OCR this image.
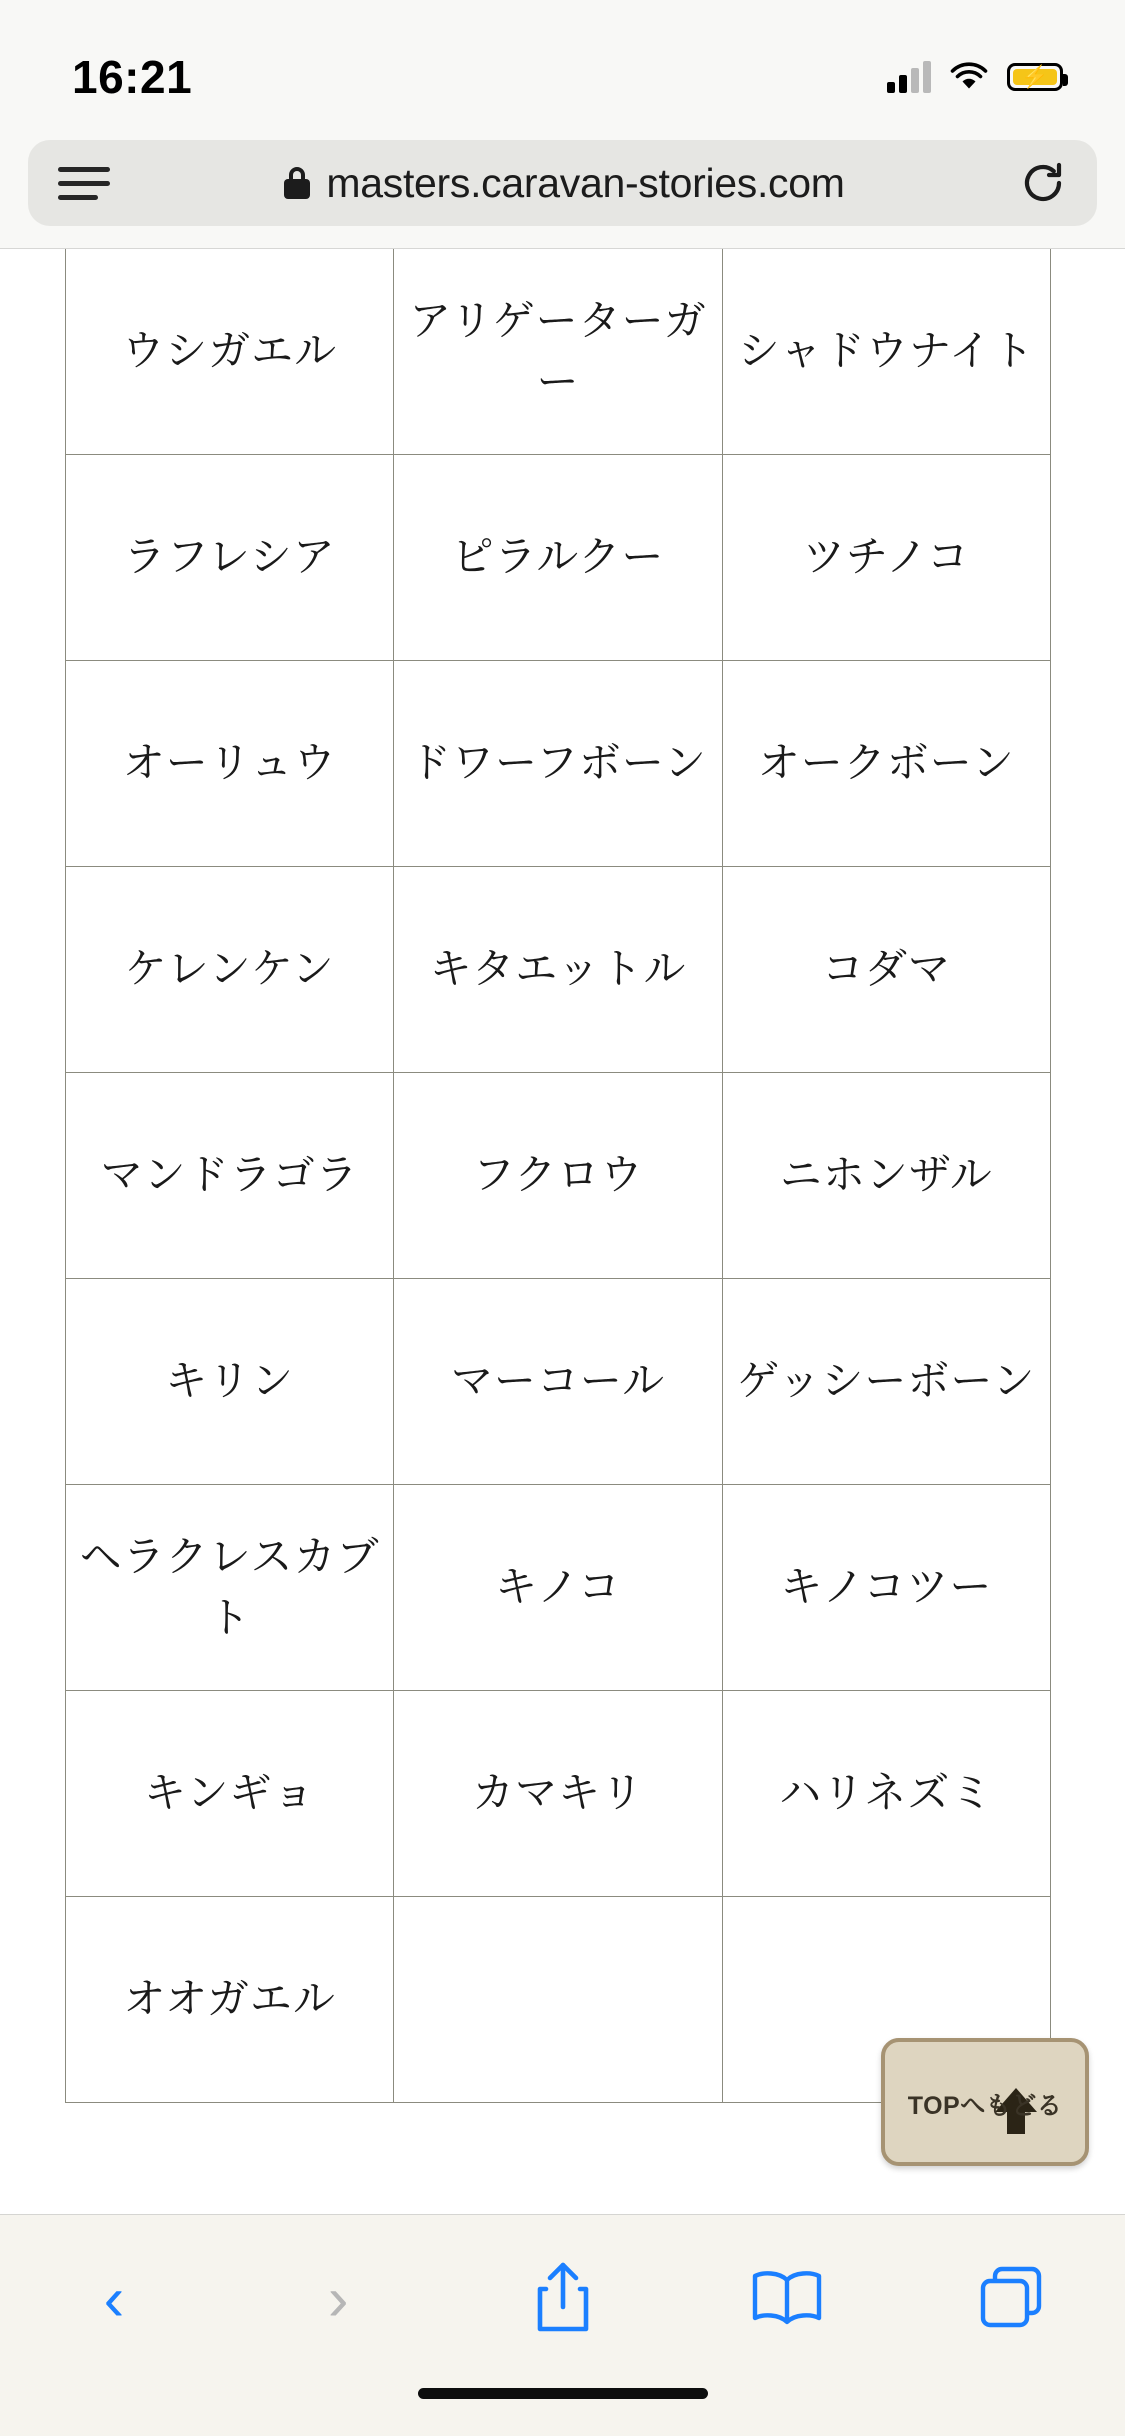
16:21	⚡
masters.caravan-stories.com
ウシガエル	アリゲーターガー	シャドウナイト
ラフレシア	ピラルクー	ツチノコ
オーリュウ	ドワーフボーン	オークボーン
ケレンケン	キタエットル	コダマ
マンドラゴラ	フクロウ	ニホンザル
キリン	マーコール	ゲッシーボーン
ヘラクレスカブト	キノコ	キノコツー
キンギョ	カマキリ	ハリネズミ
オオガエル		
TOPへもどる
‹	›
